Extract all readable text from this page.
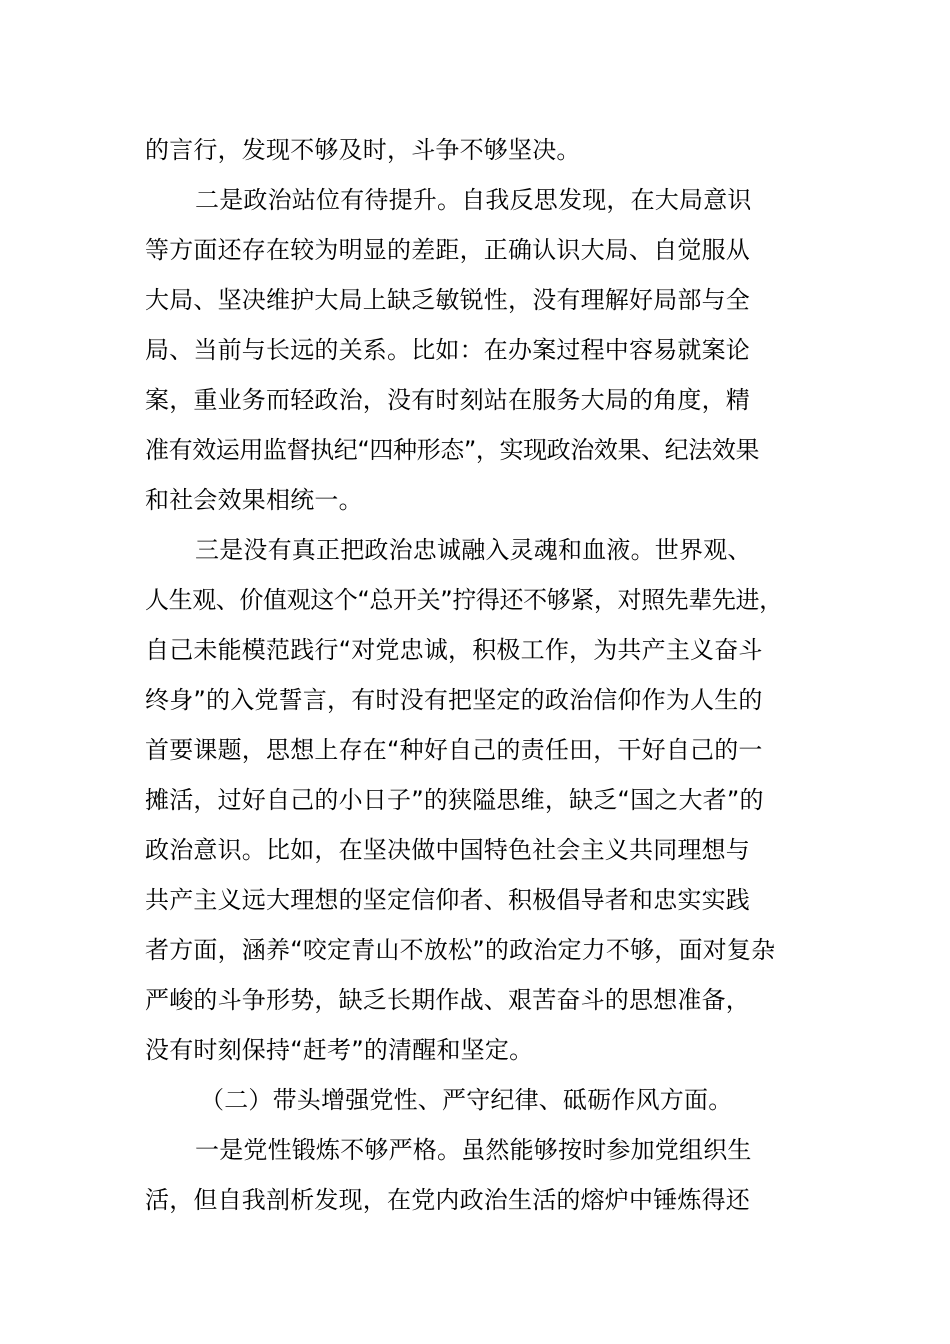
的言行，发现不够及时，斗争不够坚决。
二是政治站位有待提升。自我反思发现，在大局意识
等方面还存在较为明显的差距，正确认识大局、自觉服从
大局、坚决维护大局上缺乏敏锐性，没有理解好局部与全
局、当前与长远的关系。比如：在办案过程中容易就案论
案，重业务而轻政治，没有时刻站在服务大局的角度，精
准有效运用监督执纪“四种形态”，实现政治效果、纪法效果
和社会效果相统一。
三是没有真正把政治忠诚融入灵魂和血液。世界观、
人生观、价值观这个“总开关”拧得还不够紧，对照先辈先进，
自己未能模范践行“对党忠诚，积极工作，为共产主义奋斗
终身”的入党誓言，有时没有把坚定的政治信仰作为人生的
首要课题，思想上存在“种好自己的责任田，干好自己的一
摊活，过好自己的小日子”的狭隘思维，缺乏“国之大者”的
政治意识。比如，在坚决做中国特色社会主义共同理想与
共产主义远大理想的坚定信仰者、积极倡导者和忠实实践
者方面，涵养“咬定青山不放松”的政治定力不够，面对复杂
严峻的斗争形势，缺乏长期作战、艰苦奋斗的思想准备，
没有时刻保持“赶考”的清醒和坚定。
（二）带头增强党性、严守纪律、砥砺作风方面。
一是党性锻炼不够严格。虽然能够按时参加党组织生
活，但自我剖析发现，在党内政治生活的熔炉中锤炼得还
